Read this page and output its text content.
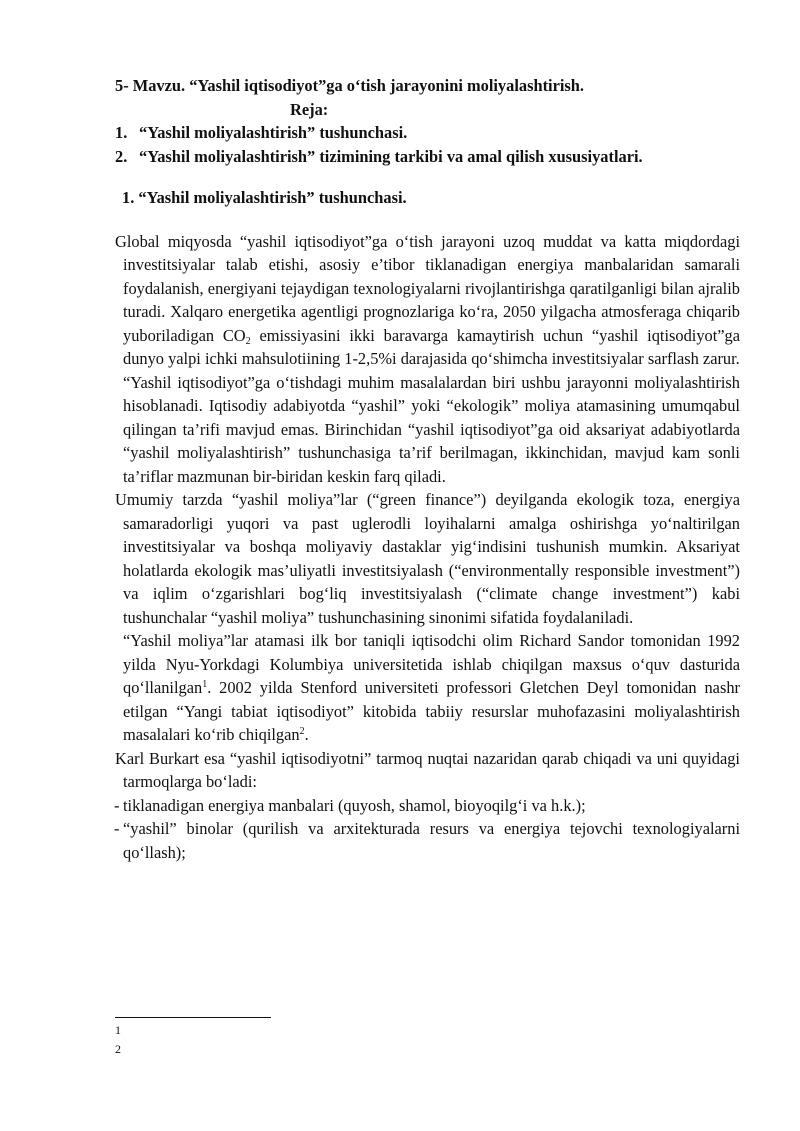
5- Mavzu. “Yashil iqtisodiyot”ga o‘tish jarayonini moliyalashtirish.

Reja:

1. “Yashil moliyalashtirish” tushunchasi.

2. “Yashil moliyalashtirish” tizimining tarkibi va amal qilish xususiyatlari.

1. “Yashil moliyalashtirish” tushunchasi.

Global miqyosda “yashil iqtisodiyot”ga o‘tish jarayoni uzoq muddat va katta miqdordagi investitsiyalar talab etishi, asosiy e’tibor tiklanadigan energiya manbalaridan samarali foydalanish, energiyani tejaydigan texnologiyalarni rivojlantirishga qaratilganligi bilan ajralib turadi. Xalqaro energetika agentligi prognozlariga ko‘ra, 2050 yilgacha atmosferaga chiqarib yuboriladigan $CO_2$ emissiyasini ikki baravarga kamaytirish uchun “yashil iqtisodiyot”ga dunyo yalpi ichki mahsulotiining 1-2,5%i darajasida qo‘shimcha investitsiyalar sarflash zarur.

“Yashil iqtisodiyot”ga o‘tishdagi muhim masalalardan biri ushbu jarayonni moliyalashtirish hisoblanadi. Iqtisodiy adabiyotda “yashil” yoki “ekologik” moliya atamasining umumqabul qilingan ta’rifi mavjud emas. Birinchidan “yashil iqtisodiyot”ga oid aksariyat adabiyotlarda “yashil moliyalashtirish” tushunchasiga ta’rif berilmagan, ikkinchidan, mavjud kam sonli ta’riflar mazmunan bir-biridan keskin farq qiladi.

Umumiy tarzda “yashil moliya”lar (“green finance”) deyilganda ekologik toza, energiya samaradorligi yuqori va past uglerodli loyihalarni amalga oshirishga yo‘naltirilgan investitsiyalar va boshqa moliyaviy dastaklar yig‘indisini tushunish mumkin. Aksariyat holatlarda ekologik mas’uliyatli investitsiyalash (“environmentally responsible investment”) va iqlim o‘zgarishlari bog‘liq investitsiyalash (“climate change investment”) kabi tushunchalar “yashil moliya” tushunchasining sinonimi sifatida foydalaniladi.

“Yashil moliya”lar atamasi ilk bor taniqli iqtisodchi olim Richard Sandor tomonidan 1992 yilda Nyu-Yorkdagi Kolumbiya universitetida ishlab chiqilgan maxsus o‘quv dasturida qo‘llanilgan$^1$. 2002 yilda Stenford universiteti professori Gletchen Deyl tomonidan nashr etilgan “Yangi tabiat iqtisodiyot” kitobida tabiiy resurslar muhofazasini moliyalashtirish masalalari ko‘rib chiqilgan$^2$.

Karl Burkart esa “yashil iqtisodiyotni” tarmoq nuqtai nazaridan qarab chiqadi va uni quyidagi tarmoqlarga bo‘ladi:

- tiklanadigan energiya manbalari (quyosh, shamol, bioyoqilg‘i va h.k.);

- “yashil” binolar (qurilish va arxitekturada resurs va energiya tejovchi texnologiyalarni qo‘llash);

1
2
